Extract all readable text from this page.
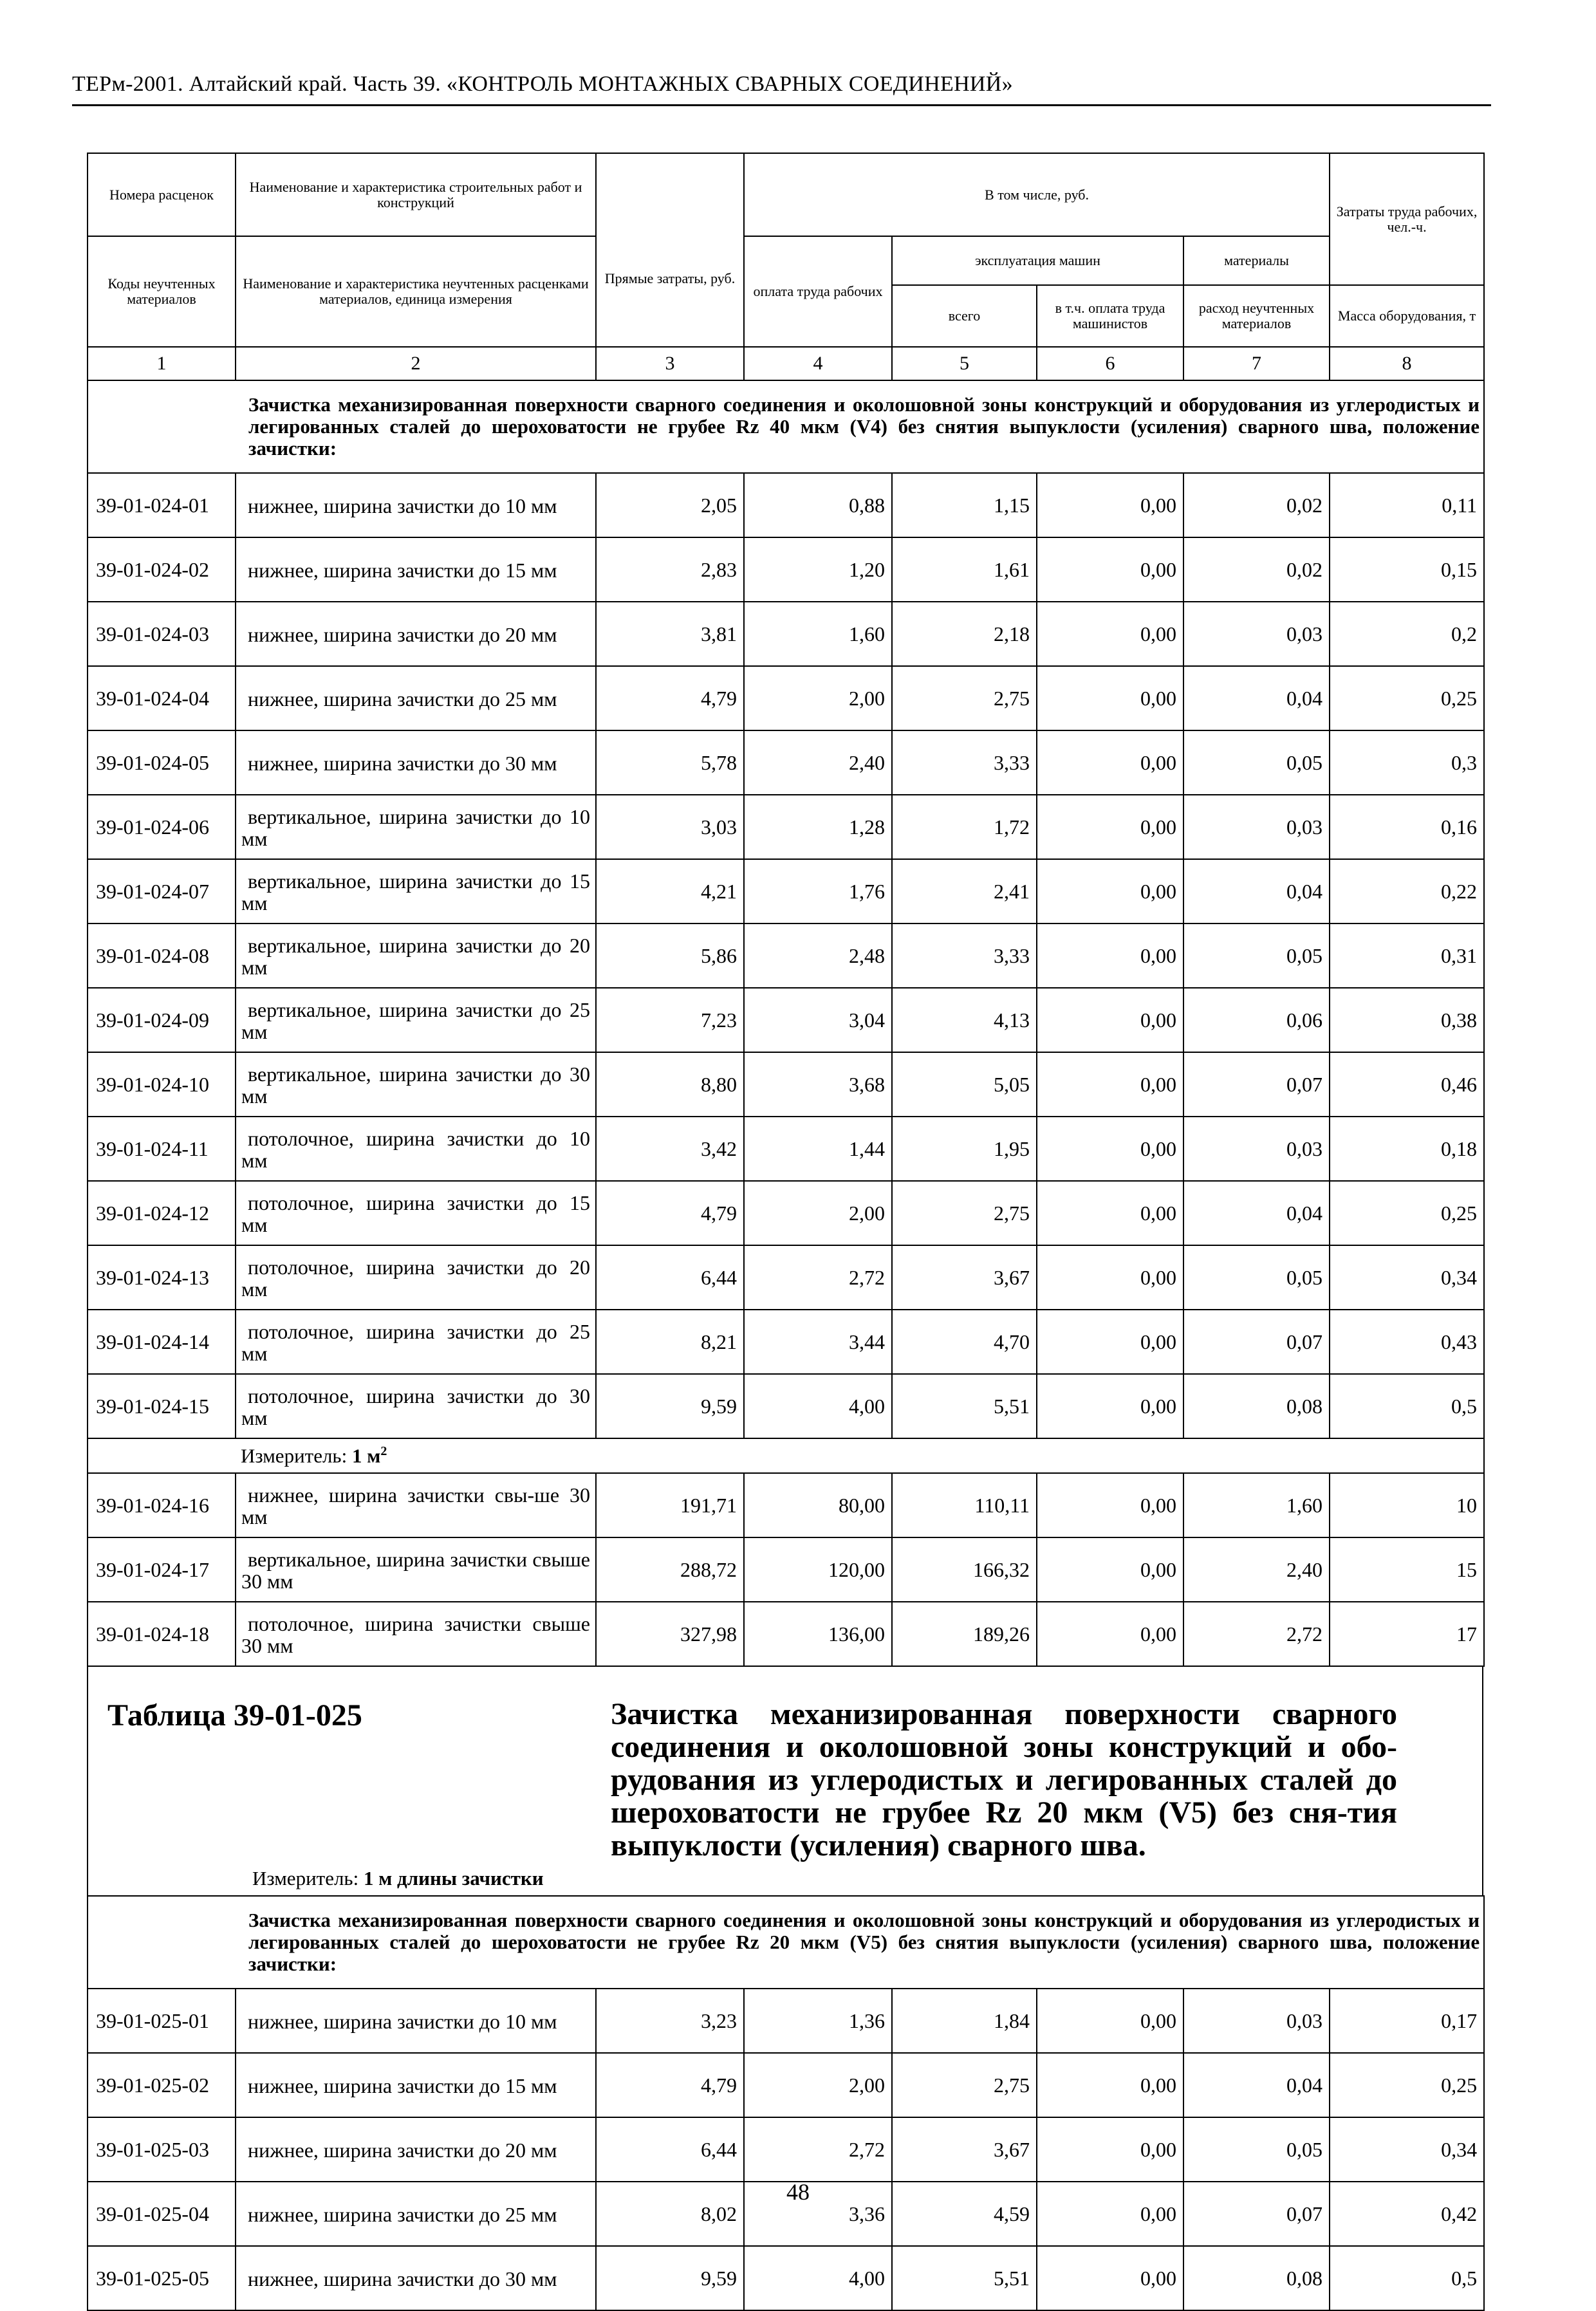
ТЕРм-2001. Алтайский край. Часть 39. «КОНТРОЛЬ МОНТАЖНЫХ СВАРНЫХ СОЕДИНЕНИЙ»
Номера расценок	Наименование и характеристика строительных работ и конструкций	Прямые затраты, руб.	В том числе, руб.				Затраты труда рабочих, чел.-ч.
Коды неучтенных материалов	Наименование и характеристика неучтенных расценками материалов, единица измерения		оплата труда рабочих	эксплуатация машин		материалы	
				всего	в т.ч. оплата труда машинистов	расход неучтенных материалов	Масса оборудования, т
1	2	3	4	5	6	7	8
	Зачистка механизированная поверхности сварного соединения и околошовной зоны конструкций и оборудования из углеродистых и легированных сталей до шероховатости не грубее Rz 40 мкм (V4) без снятия выпуклости (усиления) сварного шва, положение зачистки:						
39-01-024-01	нижнее, ширина зачистки до 10 мм	2,05	0,88	1,15	0,00	0,02	0,11
39-01-024-02	нижнее, ширина зачистки до 15 мм	2,83	1,20	1,61	0,00	0,02	0,15
39-01-024-03	нижнее, ширина зачистки до 20 мм	3,81	1,60	2,18	0,00	0,03	0,2
39-01-024-04	нижнее, ширина зачистки до 25 мм	4,79	2,00	2,75	0,00	0,04	0,25
39-01-024-05	нижнее, ширина зачистки до 30 мм	5,78	2,40	3,33	0,00	0,05	0,3
39-01-024-06	вертикальное, ширина зачистки до 10 мм	3,03	1,28	1,72	0,00	0,03	0,16
39-01-024-07	вертикальное, ширина зачистки до 15 мм	4,21	1,76	2,41	0,00	0,04	0,22
39-01-024-08	вертикальное, ширина зачистки до 20 мм	5,86	2,48	3,33	0,00	0,05	0,31
39-01-024-09	вертикальное, ширина зачистки до 25 мм	7,23	3,04	4,13	0,00	0,06	0,38
39-01-024-10	вертикальное, ширина зачистки до 30 мм	8,80	3,68	5,05	0,00	0,07	0,46
39-01-024-11	потолочное, ширина зачистки до 10 мм	3,42	1,44	1,95	0,00	0,03	0,18
39-01-024-12	потолочное, ширина зачистки до 15 мм	4,79	2,00	2,75	0,00	0,04	0,25
39-01-024-13	потолочное, ширина зачистки до 20 мм	6,44	2,72	3,67	0,00	0,05	0,34
39-01-024-14	потолочное, ширина зачистки до 25 мм	8,21	3,44	4,70	0,00	0,07	0,43
39-01-024-15	потолочное, ширина зачистки до 30 мм	9,59	4,00	5,51	0,00	0,08	0,5
	Измеритель: 1 $м^2$
39-01-024-16	нижнее, ширина зачистки свы-ше 30 мм	191,71	80,00	110,11	0,00	1,60	10
39-01-024-17	вертикальное, ширина зачистки свыше 30 мм	288,72	120,00	166,32	0,00	2,40	15
39-01-024-18	потолочное, ширина зачистки свыше 30 мм	327,98	136,00	189,26	0,00	2,72	17
Таблица 39-01-025	Зачистка механизированная поверхности сварного соединения и околошовной зоны конструкций и обо-рудования из углеродистых и легированных сталей до шероховатости не грубее Rz 20 мкм (V5) без сня-тия выпуклости (усиления) сварного шва.
Измеритель: 1 м длины зачистки
	Зачистка механизированная поверхности сварного соединения и околошовной зоны конструкций и оборудования из углеродистых и легированных сталей до шероховатости не грубее Rz 20 мкм (V5) без снятия выпуклости (усиления) сварного шва, положение зачистки:						
39-01-025-01	нижнее, ширина зачистки до 10 мм	3,23	1,36	1,84	0,00	0,03	0,17
39-01-025-02	нижнее, ширина зачистки до 15 мм	4,79	2,00	2,75	0,00	0,04	0,25
39-01-025-03	нижнее, ширина зачистки до 20 мм	6,44	2,72	3,67	0,00	0,05	0,34
39-01-025-04	нижнее, ширина зачистки до 25 мм	8,02	3,36	4,59	0,00	0,07	0,42
39-01-025-05	нижнее, ширина зачистки до 30 мм	9,59	4,00	5,51	0,00	0,08	0,5
48
